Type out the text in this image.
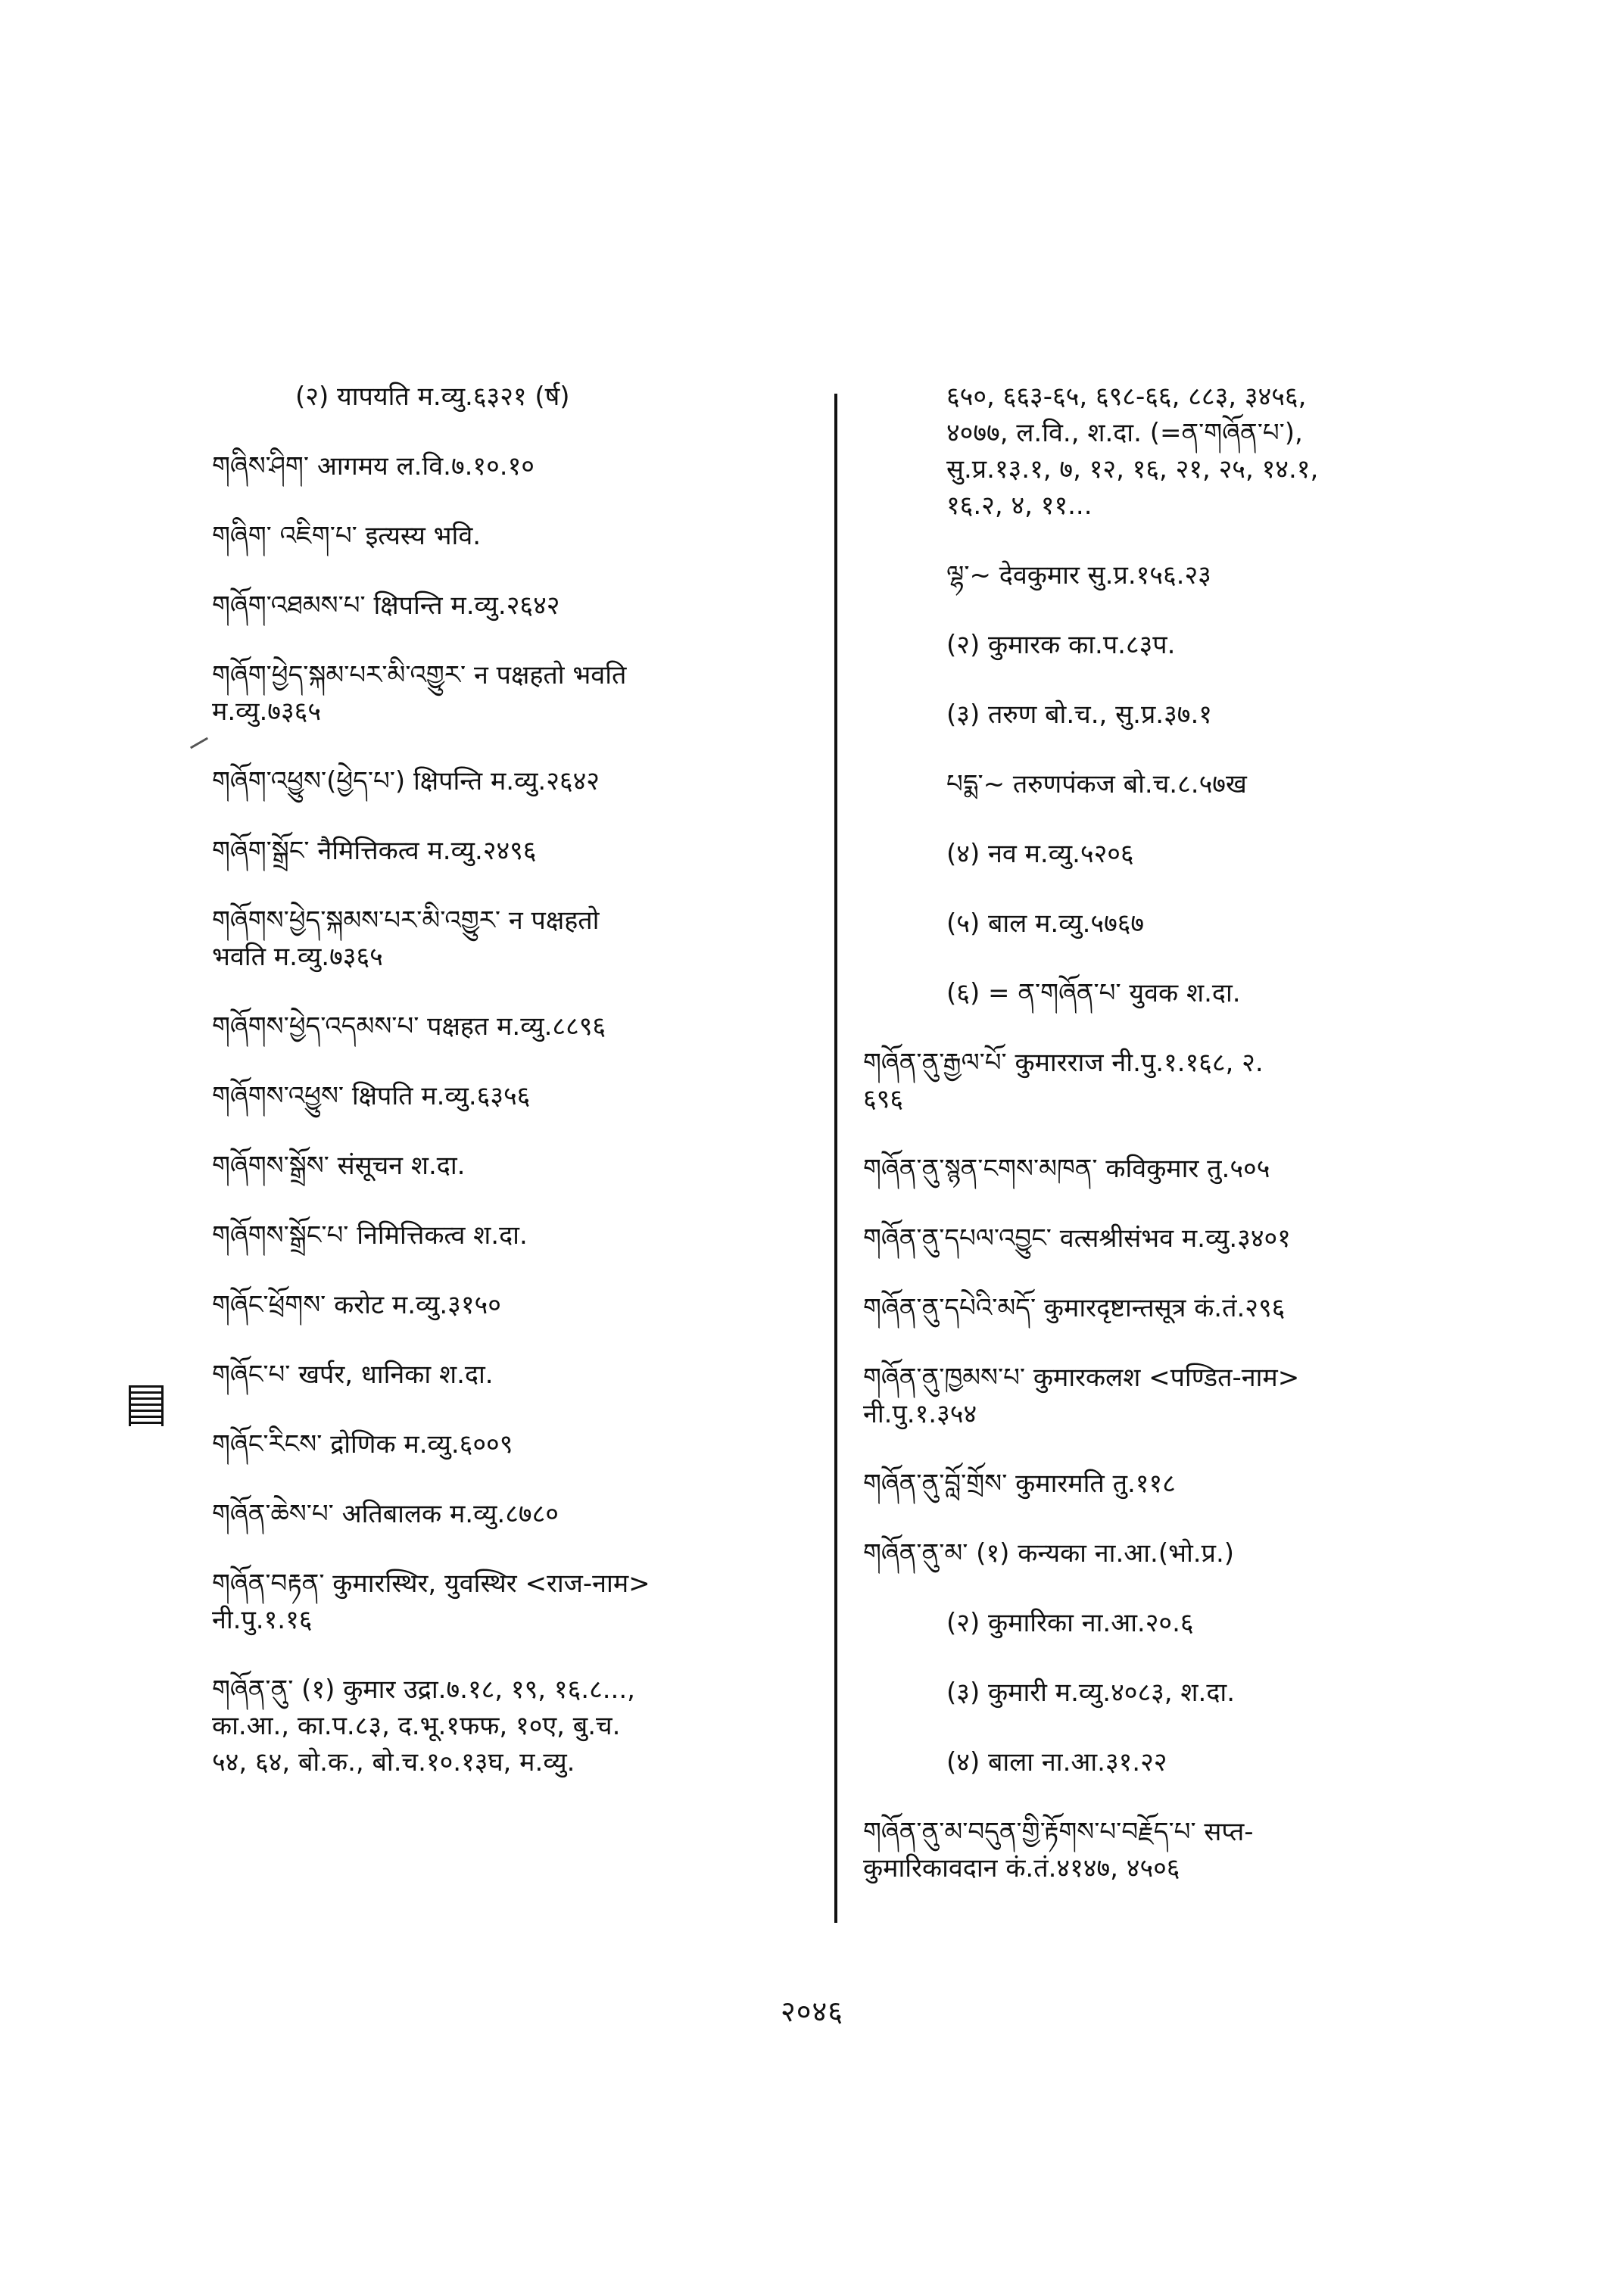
(२) यापयति म.व्यु.६३२१ (र्ष)
གཞིས་ཤིག་ आगमय ल.वि.७.१०.१०
གཞིག་ འཇིག་པ་ इत्यस्य भवि.
གཞོག་འཐམས་པ་ क्षिपन्ति म.व्यु.२६४२
གཞོག་ཕྱེད་སྐམ་པར་མི་འགྱུར་ न पक्षहतो भवति
म.व्यु.७३६५
གཞོག་འཕྱུས་(ཕྱེད་པ་) क्षिपन्ति म.व्यु.२६४२
གཞོག་སྒྲོང་ नैमित्तिकत्व म.व्यु.२४९६
གཞོགས་ཕྱེད་སྐམས་པར་མི་འགྱུར་ न पक्षहतो
भवति म.व्यु.७३६५
གཞོགས་ཕྱེད་འདམས་པ་ पक्षहत म.व्यु.८८९६
གཞོགས་འཕྱུས་ क्षिपति म.व्यु.६३५६
གཞོགས་སྒྲོས་ संसूचन श.दा.
གཞོགས་སྒྲོང་པ་ निमित्तिकत्व श.दा.
གཞོང་ཕྲོགས་ करोट म.व्यु.३१५०
གཞོང་པ་ खर्पर, धानिका श.दा.
གཞོང་རིངས་ द्रोणिक म.व्यु.६००९
གཞོན་ཆེས་པ་ अतिबालक म.व्यु.८७८०
གཞོན་བརྟན་ कुमारस्थिर, युवस्थिर <राज-नाम>
नी.पु.१.१६
གཞོན་ནུ་ (१) कुमार उद्रा.७.१८, १९, १६.८...,
का.आ., का.प.८३, द.भू.१फफ, १०ए, बु.च.
५४, ६४, बो.क., बो.च.१०.१३घ, म.व्यु.
६५०, ६६३-६५, ६९८-६६, ८८३, ३४५६,
४०७७, ल.वि., श.दा. (=ན་གཞོན་པ་),
सु.प्र.१३.१, ७, १२, १६, २१, २५, १४.१,
१६.२, ४, ११...
ལྷ་~ देवकुमार सु.प्र.१५६.२३
(२) कुमारक का.प.८३प.
(३) तरुण बो.च., सु.प्र.३७.१
པདྨ་~ तरुणपंकज बो.च.८.५७ख
(४) नव म.व्यु.५२०६
(५) बाल म.व्यु.५७६७
(६) = ན་གཞོན་པ་ युवक श.दा.
གཞོན་ནུ་རྒྱལ་པོ་ कुमारराज नी.पु.१.१६८, २.
६९६
གཞོན་ནུ་སྙན་ངགས་མཁན་ कविकुमार तु.५०५
གཞོན་ནུ་དཔལ་འབྱུང་ वत्सश्रीसंभव म.व्यु.३४०१
གཞོན་ནུ་དཔེའི་མདོ་ कुमारदृष्टान्तसूत्र कं.तं.२९६
གཞོན་ནུ་ཁྱམས་པ་ कुमारकलश <पण्डित-नाम>
नी.पु.१.३५४
གཞོན་ནུ་བློ་གྲོས་ कुमारमति तु.११८
གཞོན་ནུ་མ་ (१) कन्यका ना.आ.(भो.प्र.)
(२) कुमारिका ना.आ.२०.६
(३) कुमारी म.व्यु.४०८३, श.दा.
(४) बाला ना.आ.३१.२२
གཞོན་ནུ་མ་བདུན་གྱི་རྟོགས་པ་བརྗོད་པ་ सप्त-
कुमारिकावदान कं.तं.४१४७, ४५०६
२०४६
